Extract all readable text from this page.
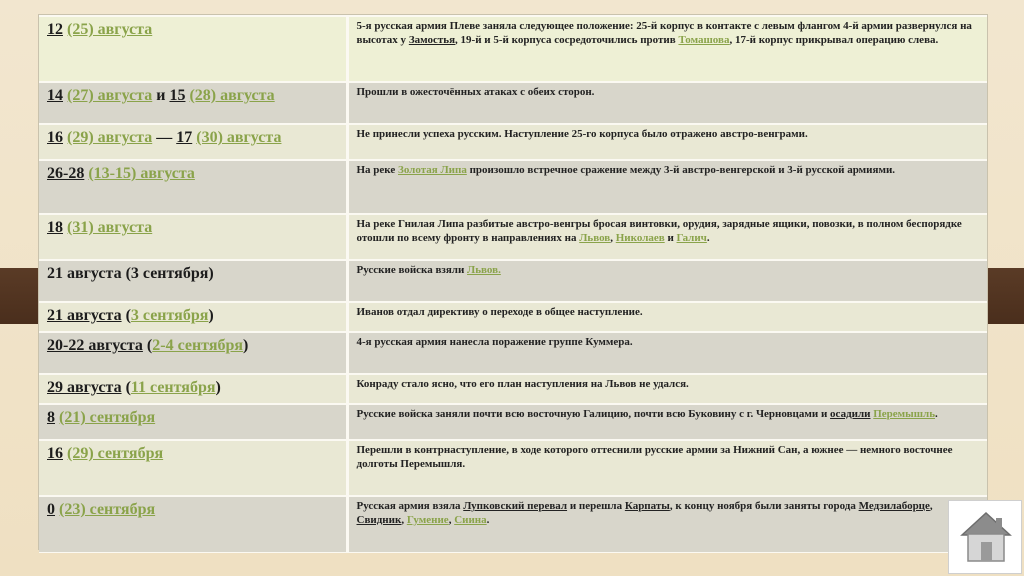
12 (25) августа	5-я русская армия Плеве заняла следующее положение: 25-й корпус в контакте с левым флангом 4-й армии развернулся на высотах у Замостья, 19-й и 5-й корпуса сосредоточились против Томашова, 17-й корпус прикрывал операцию слева.
14 (27) августа и 15 (28) августа	Прошли в ожесточённых атаках с обеих сторон.
16 (29) августа — 17 (30) августа	Не принесли успеха русским. Наступление 25-го корпуса было отражено австро-венграми.
26-28 (13-15) августа	На реке Золотая Липа произошло встречное сражение между 3-й австро-венгерской и 3-й русской армиями.
18 (31) августа	На реке Гнилая Липа разбитые австро-венгры бросая винтовки, орудия, зарядные ящики, повозки, в полном беспорядке отошли по всему фронту в направлениях на Львов, Николаев и Галич.
21 августа (3 сентября)	Русские войска взяли Львов.
21 августа (3 сентября)	Иванов отдал директиву о переходе в общее наступление.
20-22 августа (2-4 сентября)	4-я русская армия нанесла поражение группе Куммера.
29 августа (11 сентября)	Конраду стало ясно, что его план наступления на Львов не удался.
8 (21) сентября	Русские войска заняли почти всю восточную Галицию, почти всю Буковину с г. Черновцами и осадили Перемышль.
16 (29) сентября	Перешли в контрнаступление, в ходе которого оттеснили русские армии за Нижний Сан, а южнее — немного восточнее долготы Перемышля.
0 (23) сентября	Русская армия взяла Лупковский перевал и перешла Карпаты, к концу ноября были заняты города Медзилаборце, Свидник, Гумение, Сиина.
